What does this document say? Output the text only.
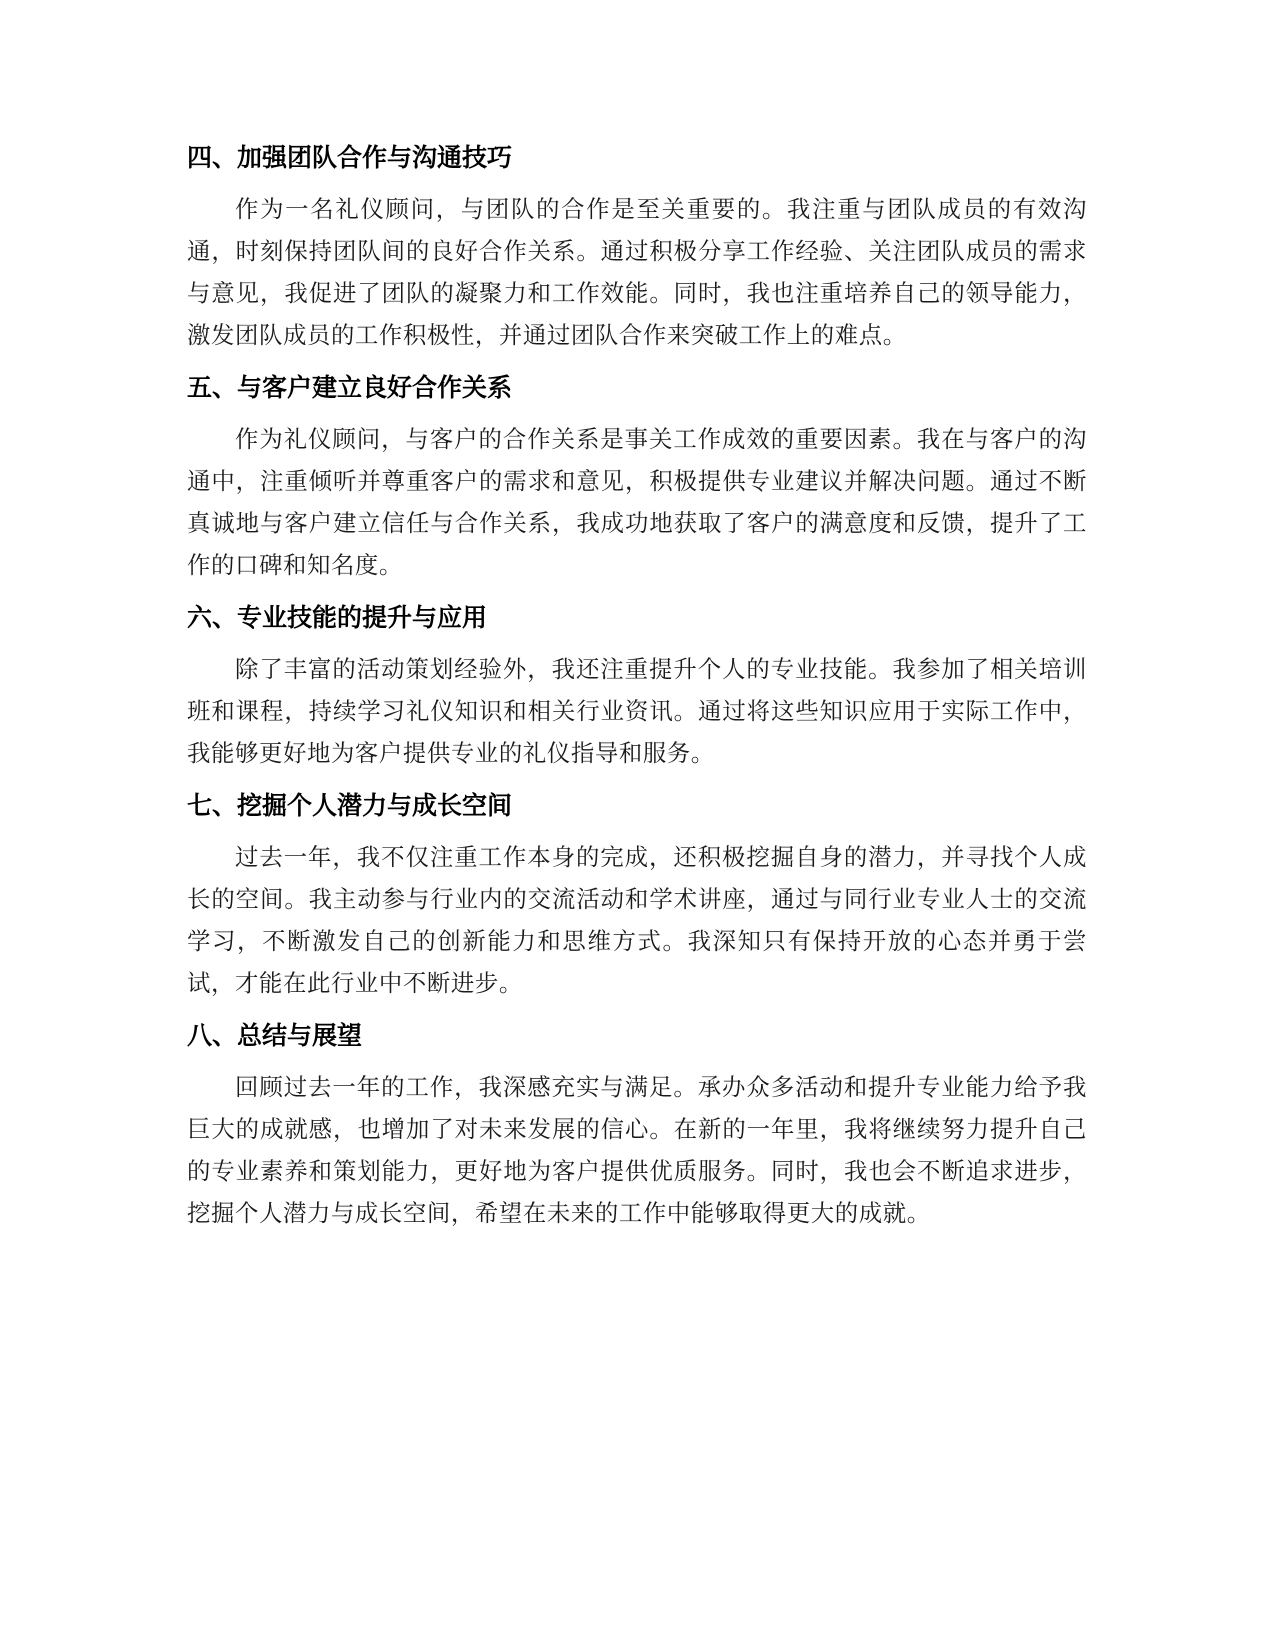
四、加强团队合作与沟通技巧

作为一名礼仪顾问，与团队的合作是至关重要的。我注重与团队成员的有效沟通，时刻保持团队间的良好合作关系。通过积极分享工作经验、关注团队成员的需求与意见，我促进了团队的凝聚力和工作效能。同时，我也注重培养自己的领导能力，激发团队成员的工作积极性，并通过团队合作来突破工作上的难点。

五、与客户建立良好合作关系

作为礼仪顾问，与客户的合作关系是事关工作成效的重要因素。我在与客户的沟通中，注重倾听并尊重客户的需求和意见，积极提供专业建议并解决问题。通过不断真诚地与客户建立信任与合作关系，我成功地获取了客户的满意度和反馈，提升了工作的口碑和知名度。

六、专业技能的提升与应用

除了丰富的活动策划经验外，我还注重提升个人的专业技能。我参加了相关培训班和课程，持续学习礼仪知识和相关行业资讯。通过将这些知识应用于实际工作中，我能够更好地为客户提供专业的礼仪指导和服务。

七、挖掘个人潜力与成长空间

过去一年，我不仅注重工作本身的完成，还积极挖掘自身的潜力，并寻找个人成长的空间。我主动参与行业内的交流活动和学术讲座，通过与同行业专业人士的交流学习，不断激发自己的创新能力和思维方式。我深知只有保持开放的心态并勇于尝试，才能在此行业中不断进步。

八、总结与展望

回顾过去一年的工作，我深感充实与满足。承办众多活动和提升专业能力给予我巨大的成就感，也增加了对未来发展的信心。在新的一年里，我将继续努力提升自己的专业素养和策划能力，更好地为客户提供优质服务。同时，我也会不断追求进步，挖掘个人潜力与成长空间，希望在未来的工作中能够取得更大的成就。
